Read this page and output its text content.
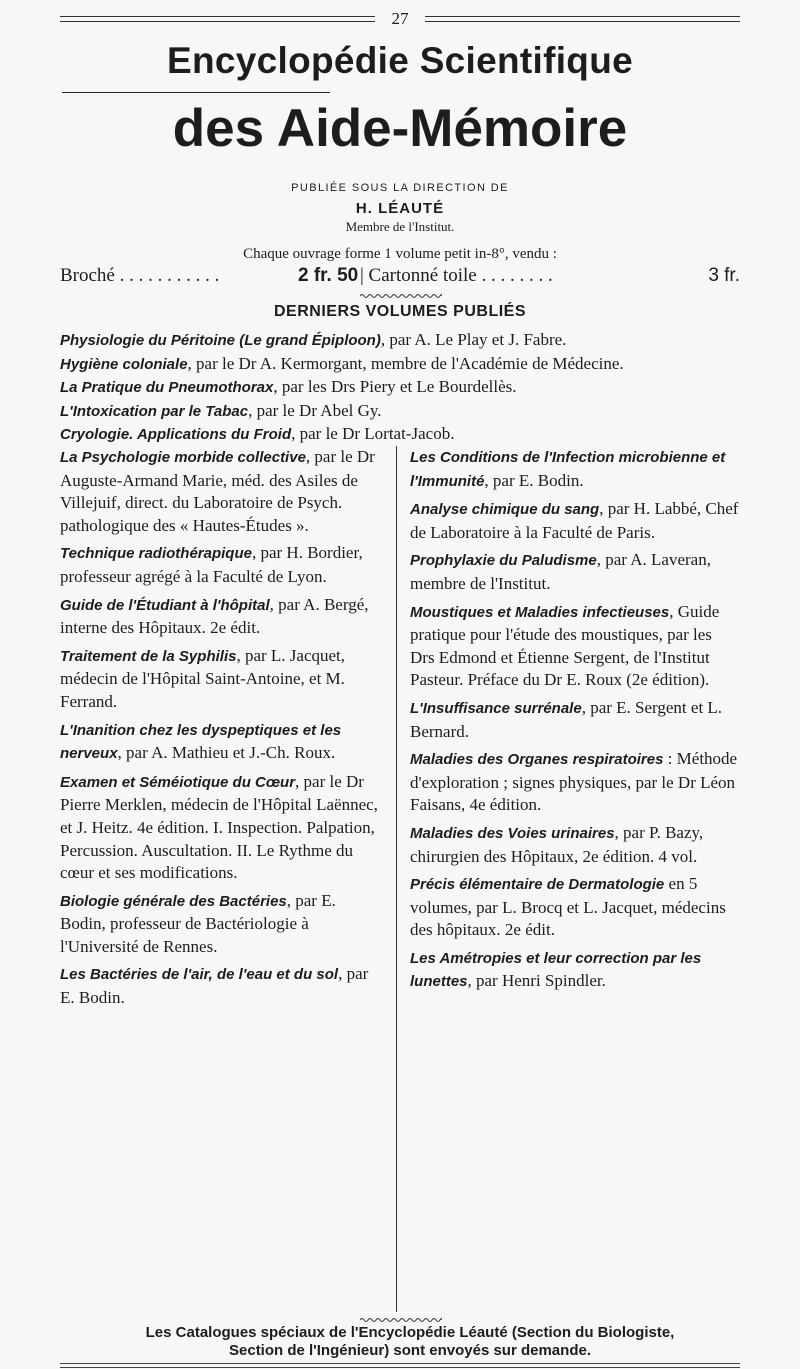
27
Encyclopédie Scientifique
des Aide-Mémoire
PUBLIÉE SOUS LA DIRECTION DE
H. LÉAUTÉ
Membre de l'Institut.
Chaque ouvrage forme 1 volume petit in-8°, vendu :
Broché . . . . . . . . . . .	2 fr. 50 | Cartonné toile . . . . . . . .	3 fr.
DERNIERS VOLUMES PUBLIÉS
Physiologie du Péritoine (Le grand Épiploon), par A. Le Play et J. Fabre.
Hygiène coloniale, par le Dr A. Kermorgant, membre de l'Académie de Médecine.
La Pratique du Pneumothorax, par les Drs Piery et Le Bourdellès.
L'Intoxication par le Tabac, par le Dr Abel Gy.
Cryologie. Applications du Froid, par le Dr Lortat-Jacob.
La Psychologie morbide collective, par le Dr Auguste-Armand Marie, méd. des Asiles de Villejuif, direct. du Laboratoire de Psych. pathologique des « Hautes-Études ».
Technique radiothérapique, par H. Bordier, professeur agrégé à la Faculté de Lyon.
Guide de l'Étudiant à l'hôpital, par A. Bergé, interne des Hôpitaux. 2e édit.
Traitement de la Syphilis, par L. Jacquet, médecin de l'Hôpital Saint-Antoine, et M. Ferrand.
L'Inanition chez les dyspeptiques et les nerveux, par A. Mathieu et J.-Ch. Roux.
Examen et Séméiotique du Cœur, par le Dr Pierre Merklen, médecin de l'Hôpital Laënnec, et J. Heitz. 4e édition. I. Inspection. Palpation, Percussion. Auscultation. II. Le Rythme du cœur et ses modifications.
Biologie générale des Bactéries, par E. Bodin, professeur de Bactériologie à l'Université de Rennes.
Les Bactéries de l'air, de l'eau et du sol, par E. Bodin.
Les Conditions de l'Infection microbienne et l'Immunité, par E. Bodin.
Analyse chimique du sang, par H. Labbé, Chef de Laboratoire à la Faculté de Paris.
Prophylaxie du Paludisme, par A. Laveran, membre de l'Institut.
Moustiques et Maladies infectieuses, Guide pratique pour l'étude des moustiques, par les Drs Edmond et Étienne Sergent, de l'Institut Pasteur. Préface du Dr E. Roux (2e édition).
L'Insuffisance surrénale, par E. Sergent et L. Bernard.
Maladies des Organes respiratoires : Méthode d'exploration ; signes physiques, par le Dr Léon Faisans, 4e édition.
Maladies des Voies urinaires, par P. Bazy, chirurgien des Hôpitaux, 2e édition. 4 vol.
Précis élémentaire de Dermatologie en 5 volumes, par L. Brocq et L. Jacquet, médecins des hôpitaux. 2e édit.
Les Amétropies et leur correction par les lunettes, par Henri Spindler.
Les Catalogues spéciaux de l'Encyclopédie Léauté (Section du Biologiste,
Section de l'Ingénieur) sont envoyés sur demande.
